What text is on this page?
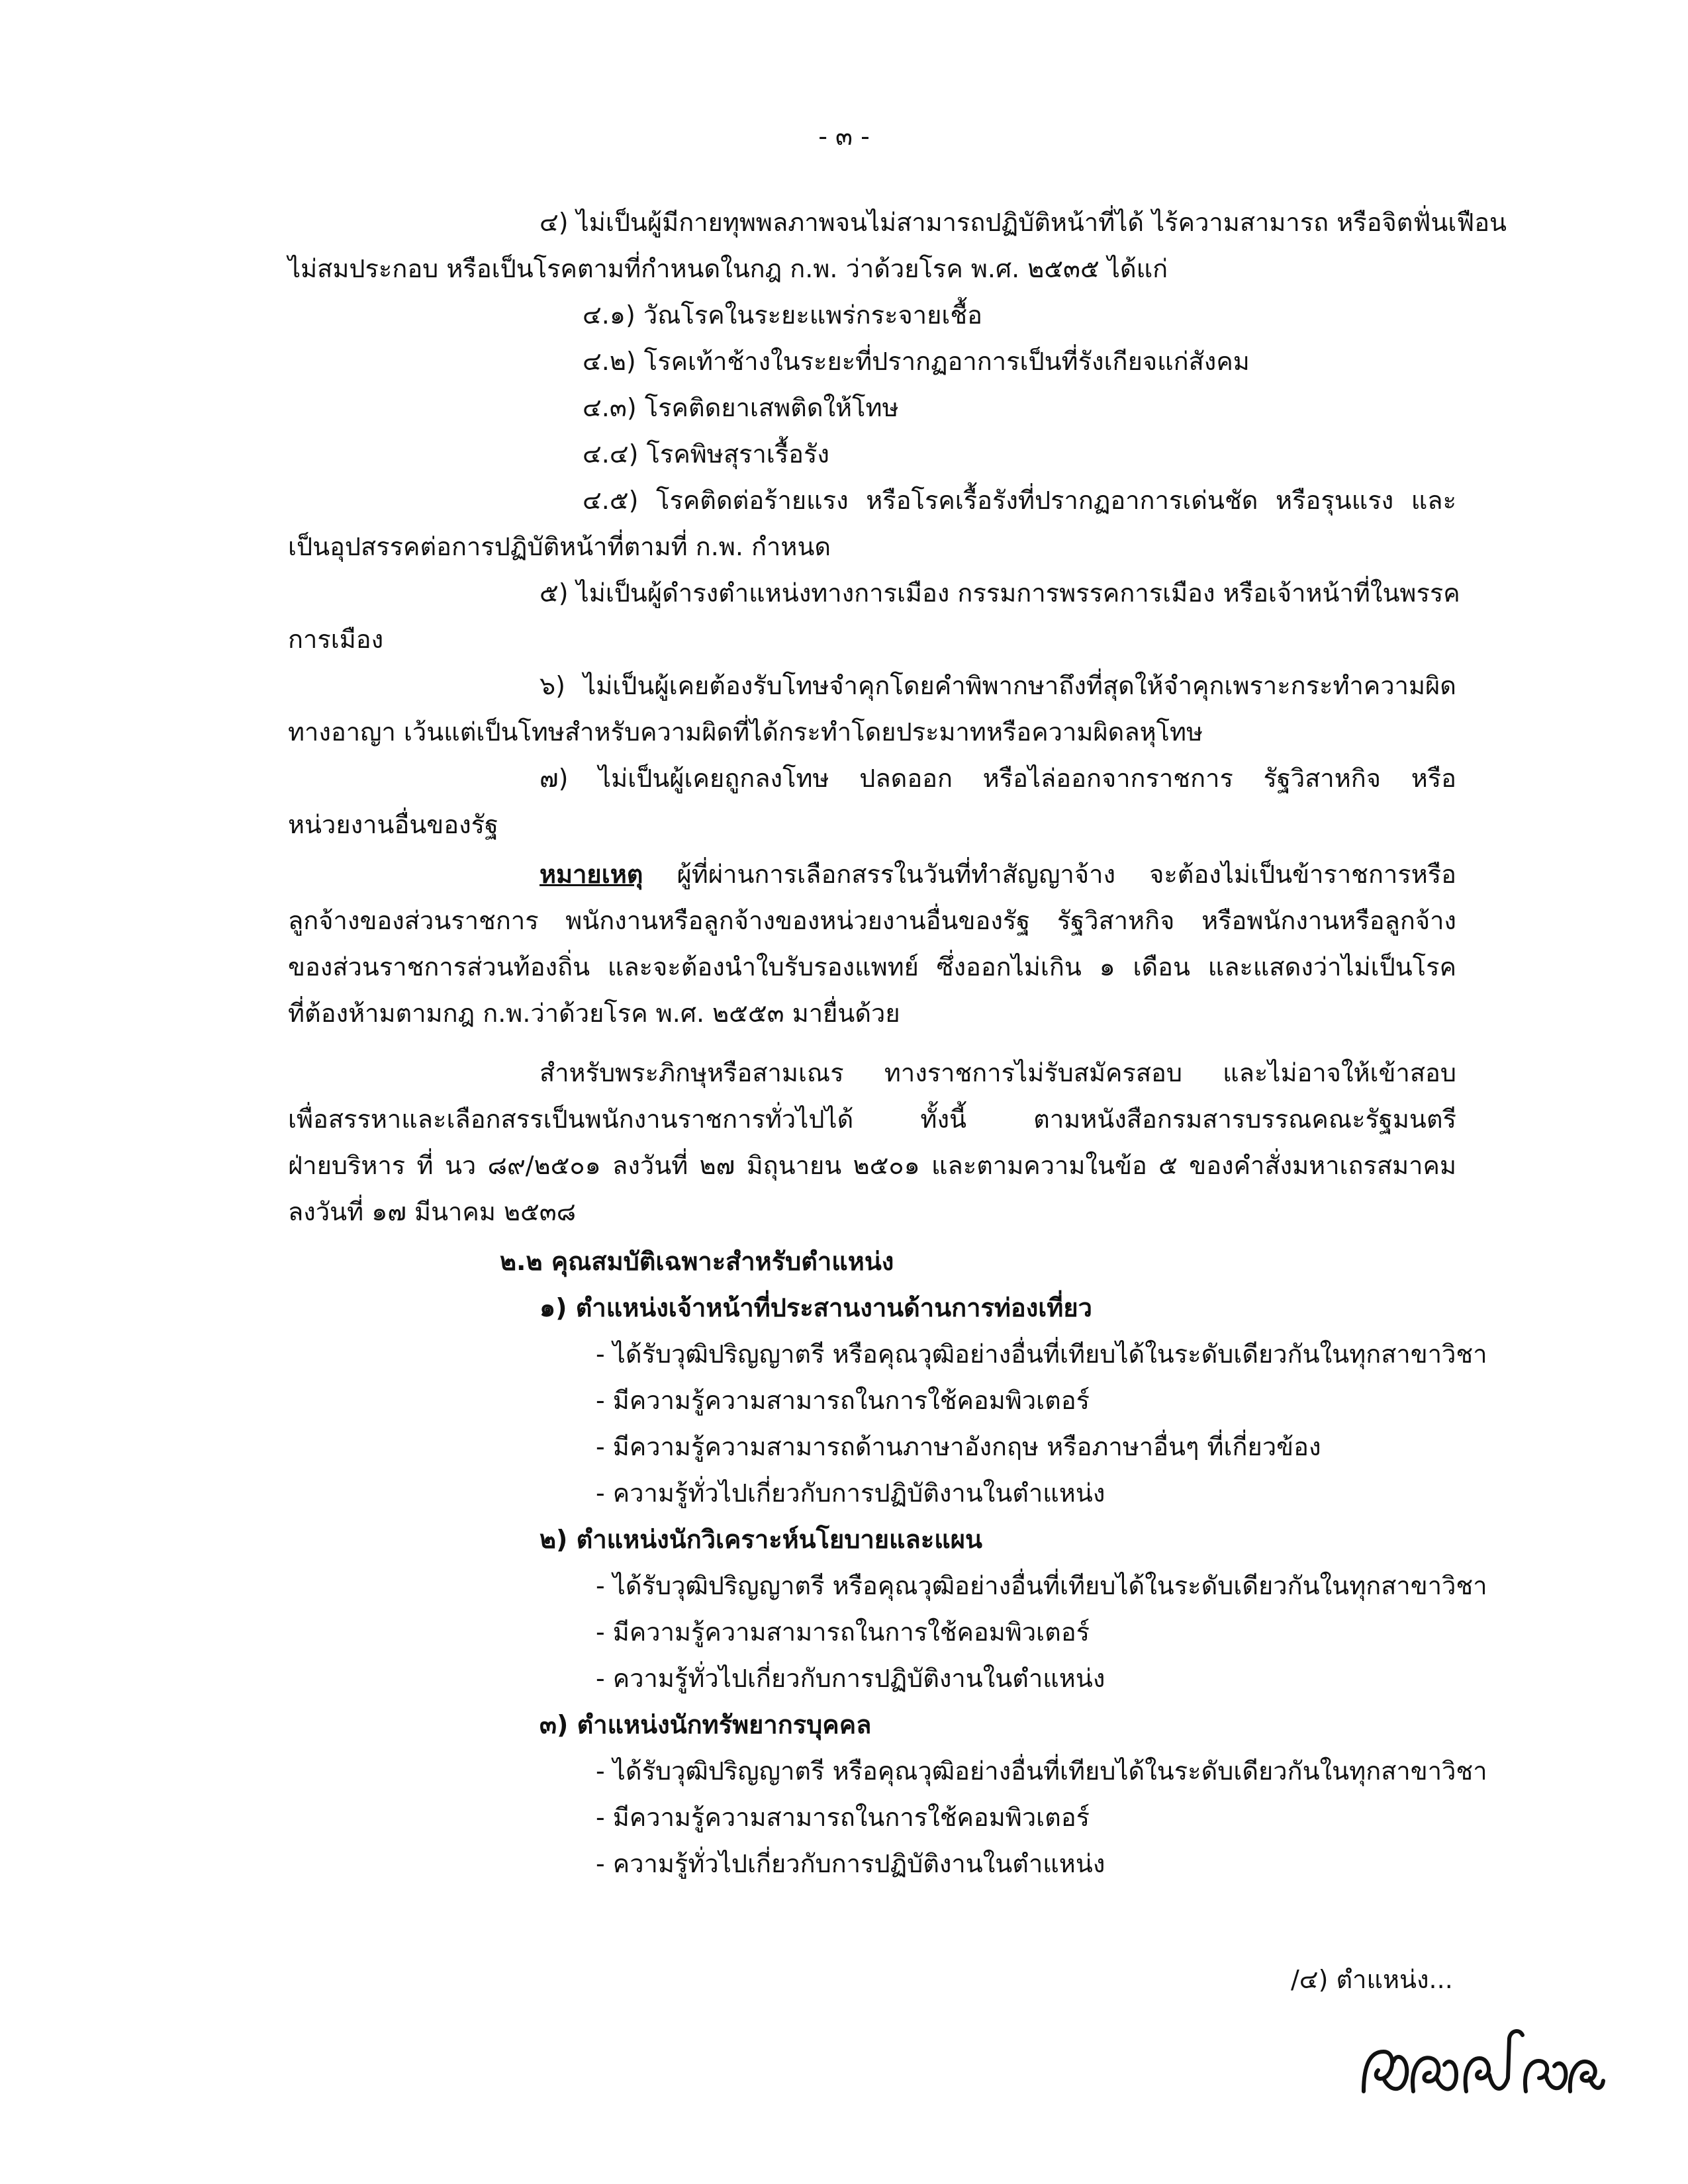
- ๓ -
๔) ไม่เป็นผู้มีกายทุพพลภาพจนไม่สามารถปฏิบัติหน้าที่ได้ ไร้ความสามารถ หรือจิตฟั่นเฟือน
ไม่สมประกอบ หรือเป็นโรคตามที่กำหนดในกฎ ก.พ. ว่าด้วยโรค พ.ศ. ๒๕๓๕ ได้แก่
๔.๑) วัณโรคในระยะแพร่กระจายเชื้อ
๔.๒) โรคเท้าช้างในระยะที่ปรากฏอาการเป็นที่รังเกียจแก่สังคม
๔.๓) โรคติดยาเสพติดให้โทษ
๔.๔) โรคพิษสุราเรื้อรัง
๔.๕) โรคติดต่อร้ายแรง หรือโรคเรื้อรังที่ปรากฏอาการเด่นชัด หรือรุนแรง และ
เป็นอุปสรรคต่อการปฏิบัติหน้าที่ตามที่ ก.พ. กำหนด
๕) ไม่เป็นผู้ดำรงตำแหน่งทางการเมือง กรรมการพรรคการเมือง หรือเจ้าหน้าที่ในพรรค
การเมือง
๖) ไม่เป็นผู้เคยต้องรับโทษจำคุกโดยคำพิพากษาถึงที่สุดให้จำคุกเพราะกระทำความผิด
ทางอาญา เว้นแต่เป็นโทษสำหรับความผิดที่ได้กระทำโดยประมาทหรือความผิดลหุโทษ
๗) ไม่เป็นผู้เคยถูกลงโทษ ปลดออก หรือไล่ออกจากราชการ รัฐวิสาหกิจ หรือ
หน่วยงานอื่นของรัฐ
หมายเหตุ ผู้ที่ผ่านการเลือกสรรในวันที่ทำสัญญาจ้าง จะต้องไม่เป็นข้าราชการหรือ
ลูกจ้างของส่วนราชการ พนักงานหรือลูกจ้างของหน่วยงานอื่นของรัฐ รัฐวิสาหกิจ หรือพนักงานหรือลูกจ้าง
ของส่วนราชการส่วนท้องถิ่น และจะต้องนำใบรับรองแพทย์ ซึ่งออกไม่เกิน ๑ เดือน และแสดงว่าไม่เป็นโรค
ที่ต้องห้ามตามกฎ ก.พ.ว่าด้วยโรค พ.ศ. ๒๕๕๓ มายื่นด้วย
สำหรับพระภิกษุหรือสามเณร ทางราชการไม่รับสมัครสอบ และไม่อาจให้เข้าสอบ
เพื่อสรรหาและเลือกสรรเป็นพนักงานราชการทั่วไปได้ ทั้งนี้ ตามหนังสือกรมสารบรรณคณะรัฐมนตรี
ฝ่ายบริหาร ที่ นว ๘๙/๒๕๐๑ ลงวันที่ ๒๗ มิถุนายน ๒๕๐๑ และตามความในข้อ ๕ ของคำสั่งมหาเถรสมาคม
ลงวันที่ ๑๗ มีนาคม ๒๕๓๘
๒.๒ คุณสมบัติเฉพาะสำหรับตำแหน่ง
๑) ตำแหน่งเจ้าหน้าที่ประสานงานด้านการท่องเที่ยว
- ได้รับวุฒิปริญญาตรี หรือคุณวุฒิอย่างอื่นที่เทียบได้ในระดับเดียวกันในทุกสาขาวิชา
- มีความรู้ความสามารถในการใช้คอมพิวเตอร์
- มีความรู้ความสามารถด้านภาษาอังกฤษ หรือภาษาอื่นๆ ที่เกี่ยวข้อง
- ความรู้ทั่วไปเกี่ยวกับการปฏิบัติงานในตำแหน่ง
๒) ตำแหน่งนักวิเคราะห์นโยบายและแผน
- ได้รับวุฒิปริญญาตรี หรือคุณวุฒิอย่างอื่นที่เทียบได้ในระดับเดียวกันในทุกสาขาวิชา
- มีความรู้ความสามารถในการใช้คอมพิวเตอร์
- ความรู้ทั่วไปเกี่ยวกับการปฏิบัติงานในตำแหน่ง
๓) ตำแหน่งนักทรัพยากรบุคคล
- ได้รับวุฒิปริญญาตรี หรือคุณวุฒิอย่างอื่นที่เทียบได้ในระดับเดียวกันในทุกสาขาวิชา
- มีความรู้ความสามารถในการใช้คอมพิวเตอร์
- ความรู้ทั่วไปเกี่ยวกับการปฏิบัติงานในตำแหน่ง
/๔) ตำแหน่ง...
